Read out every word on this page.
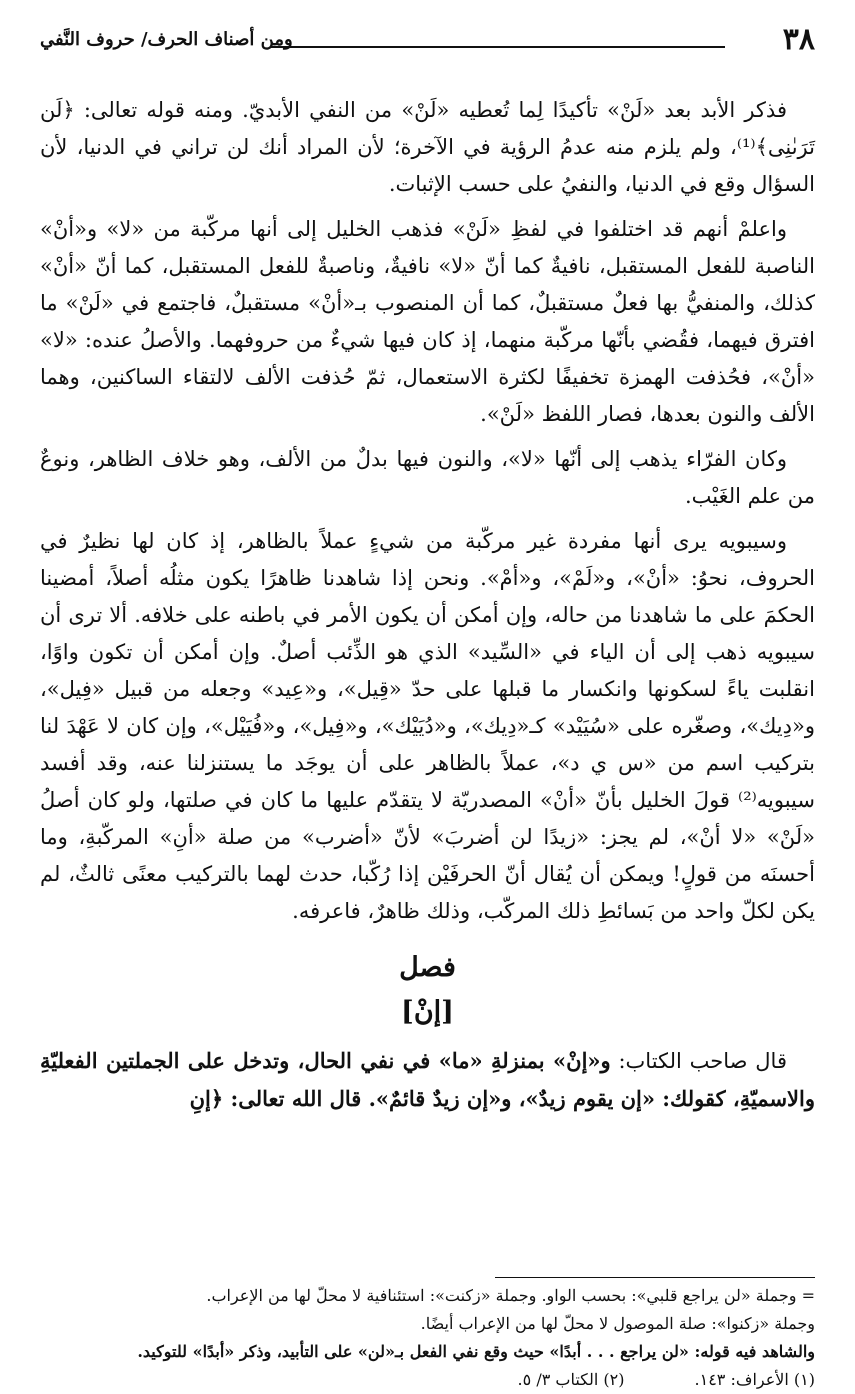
٣٨
ومن أصناف الحرف/ حروف النَّفي

فذكر الأبد بعد «لَنْ» تأكيدًا لِما تُعطيه «لَنْ» من النفي الأبديّ. ومنه قوله تعالى: ﴿لَن تَرَىٰنِى﴾⁽¹⁾، ولم يلزم منه عدمُ الرؤية في الآخرة؛ لأن المراد أنك لن تراني في الدنيا، لأن السؤال وقع في الدنيا، والنفيُ على حسب الإثبات.

واعلمْ أنهم قد اختلفوا في لفظِ «لَنْ» فذهب الخليل إلى أنها مركّبة من «لا» و«أنْ» الناصبة للفعل المستقبل، نافيةٌ كما أنّ «لا» نافيةٌ، وناصبةٌ للفعل المستقبل، كما أنّ «أنْ» كذلك، والمنفيُّ بها فعلٌ مستقبلٌ، كما أن المنصوب بـ«أنْ» مستقبلٌ، فاجتمع في «لَنْ» ما افترق فيهما، فقُضي بأنّها مركّبة منهما، إذ كان فيها شيءٌ من حروفهما. والأصلُ عنده: «لا» «أنْ»، فحُذفت الهمزة تخفيفًا لكثرة الاستعمال، ثمّ حُذفت الألف لالتقاء الساكنين، وهما الألف والنون بعدها، فصار اللفظ «لَنْ».

وكان الفرّاء يذهب إلى أنّها «لا»، والنون فيها بدلٌ من الألف، وهو خلاف الظاهر، ونوعٌ من علم الغَيْب.

وسيبويه يرى أنها مفردة غير مركّبة من شيءٍ عملاً بالظاهر، إذ كان لها نظيرٌ في الحروف، نحوُ: «أنْ»، و«لَمْ»، و«أمْ». ونحن إذا شاهدنا ظاهرًا يكون مثلُه أصلاً، أمضينا الحكمَ على ما شاهدنا من حاله، وإن أمكن أن يكون الأمر في باطنه على خلافه. ألا ترى أن سيبويه ذهب إلى أن الياء في «السِّيد» الذي هو الذِّئب أصلٌ. وإن أمكن أن تكون واوًا، انقلبت ياءً لسكونها وانكسار ما قبلها على حدّ «قِيل»، و«عِيد» وجعله من قبيل «فِيل»، و«دِيك»، وصغّره على «سُيَيْد» كـ«دِيك»، و«دُيَيْك»، و«فِيل»، و«فُيَيْل»، وإن كان لا عَهْدَ لنا بتركيب اسم من «س ي د»، عملاً بالظاهر على أن يوجَد ما يستنزلنا عنه، وقد أفسد سيبويه⁽²⁾ قولَ الخليل بأنّ «أنْ» المصدريّة لا يتقدّم عليها ما كان في صلتها، ولو كان أصلُ «لَنْ» «لا أنْ»، لم يجز: «زيدًا لن أضربَ» لأنّ «أضرب» من صلة «أنِ» المركّبةِ، وما أحسنَه من قولٍ! ويمكن أن يُقال أنّ الحرفَيْن إذا رُكّبا، حدث لهما بالتركيب معنًى ثالثٌ، لم يكن لكلّ واحد من بَسائطِ ذلك المركّب، وذلك ظاهرٌ، فاعرفه.

فصل
[إنْ]

قال صاحب الكتاب: و«إنْ» بمنزلةِ «ما» في نفي الحال، وتدخل على الجملتين الفعليّةِ والاسميّةِ، كقولك: «إن يقوم زيدٌ»، و«إن زيدٌ قائمٌ». قال الله تعالى: ﴿إنِ

= وجملة «لن يراجع قلبي»: بحسب الواو. وجملة «زكنت»: استئنافية لا محلّ لها من الإعراب.
وجملة «زكنوا»: صلة الموصول لا محلّ لها من الإعراب أيضًا.
والشاهد فيه قوله: «لن يراجع . . . أبدًا» حيث وقع نفي الفعل بـ«لن» على التأبيد، وذكر «أبدًا» للتوكيد.
(١) الأعراف: ١٤٣.(٢) الكتاب ٣/ ٥.
